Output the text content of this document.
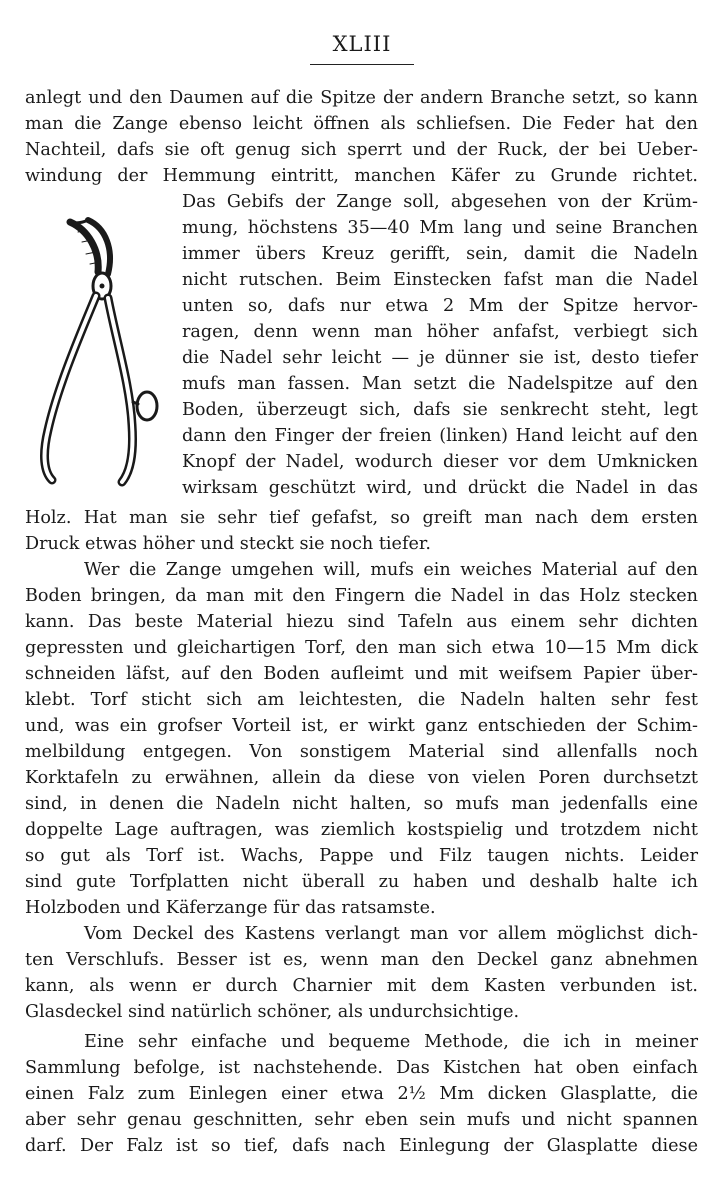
XLIII
anlegt und den Daumen auf die Spitze der andern Branche setzt, so kann
man die Zange ebenso leicht öffnen als schliefsen. Die Feder hat den
Nachteil, dafs sie oft genug sich sperrt und der Ruck, der bei Ueber-
windung der Hemmung eintritt, manchen Käfer zu Grunde richtet.
Das Gebifs der Zange soll, abgesehen von der Krüm-
mung, höchstens 35—40 Mm lang und seine Branchen
immer übers Kreuz gerifft, sein, damit die Nadeln
nicht rutschen. Beim Einstecken fafst man die Nadel
unten so, dafs nur etwa 2 Mm der Spitze hervor-
ragen, denn wenn man höher anfafst, verbiegt sich
die Nadel sehr leicht — je dünner sie ist, desto tiefer
mufs man fassen. Man setzt die Nadelspitze auf den
Boden, überzeugt sich, dafs sie senkrecht steht, legt
dann den Finger der freien (linken) Hand leicht auf den
Knopf der Nadel, wodurch dieser vor dem Umknicken
wirksam geschützt wird, und drückt die Nadel in das
Holz. Hat man sie sehr tief gefafst, so greift man nach dem ersten
Druck etwas höher und steckt sie noch tiefer.
Wer die Zange umgehen will, mufs ein weiches Material auf den
Boden bringen, da man mit den Fingern die Nadel in das Holz stecken
kann. Das beste Material hiezu sind Tafeln aus einem sehr dichten
gepressten und gleichartigen Torf, den man sich etwa 10—15 Mm dick
schneiden läfst, auf den Boden aufleimt und mit weifsem Papier über-
klebt. Torf sticht sich am leichtesten, die Nadeln halten sehr fest
und, was ein grofser Vorteil ist, er wirkt ganz entschieden der Schim-
melbildung entgegen. Von sonstigem Material sind allenfalls noch
Korktafeln zu erwähnen, allein da diese von vielen Poren durchsetzt
sind, in denen die Nadeln nicht halten, so mufs man jedenfalls eine
doppelte Lage auftragen, was ziemlich kostspielig und trotzdem nicht
so gut als Torf ist. Wachs, Pappe und Filz taugen nichts. Leider
sind gute Torfplatten nicht überall zu haben und deshalb halte ich
Holzboden und Käferzange für das ratsamste.
Vom Deckel des Kastens verlangt man vor allem möglichst dich-
ten Verschlufs. Besser ist es, wenn man den Deckel ganz abnehmen
kann, als wenn er durch Charnier mit dem Kasten verbunden ist.
Glasdeckel sind natürlich schöner, als undurchsichtige.
Eine sehr einfache und bequeme Methode, die ich in meiner
Sammlung befolge, ist nachstehende. Das Kistchen hat oben einfach
einen Falz zum Einlegen einer etwa 2½ Mm dicken Glasplatte, die
aber sehr genau geschnitten, sehr eben sein mufs und nicht spannen
darf. Der Falz ist so tief, dafs nach Einlegung der Glasplatte diese
